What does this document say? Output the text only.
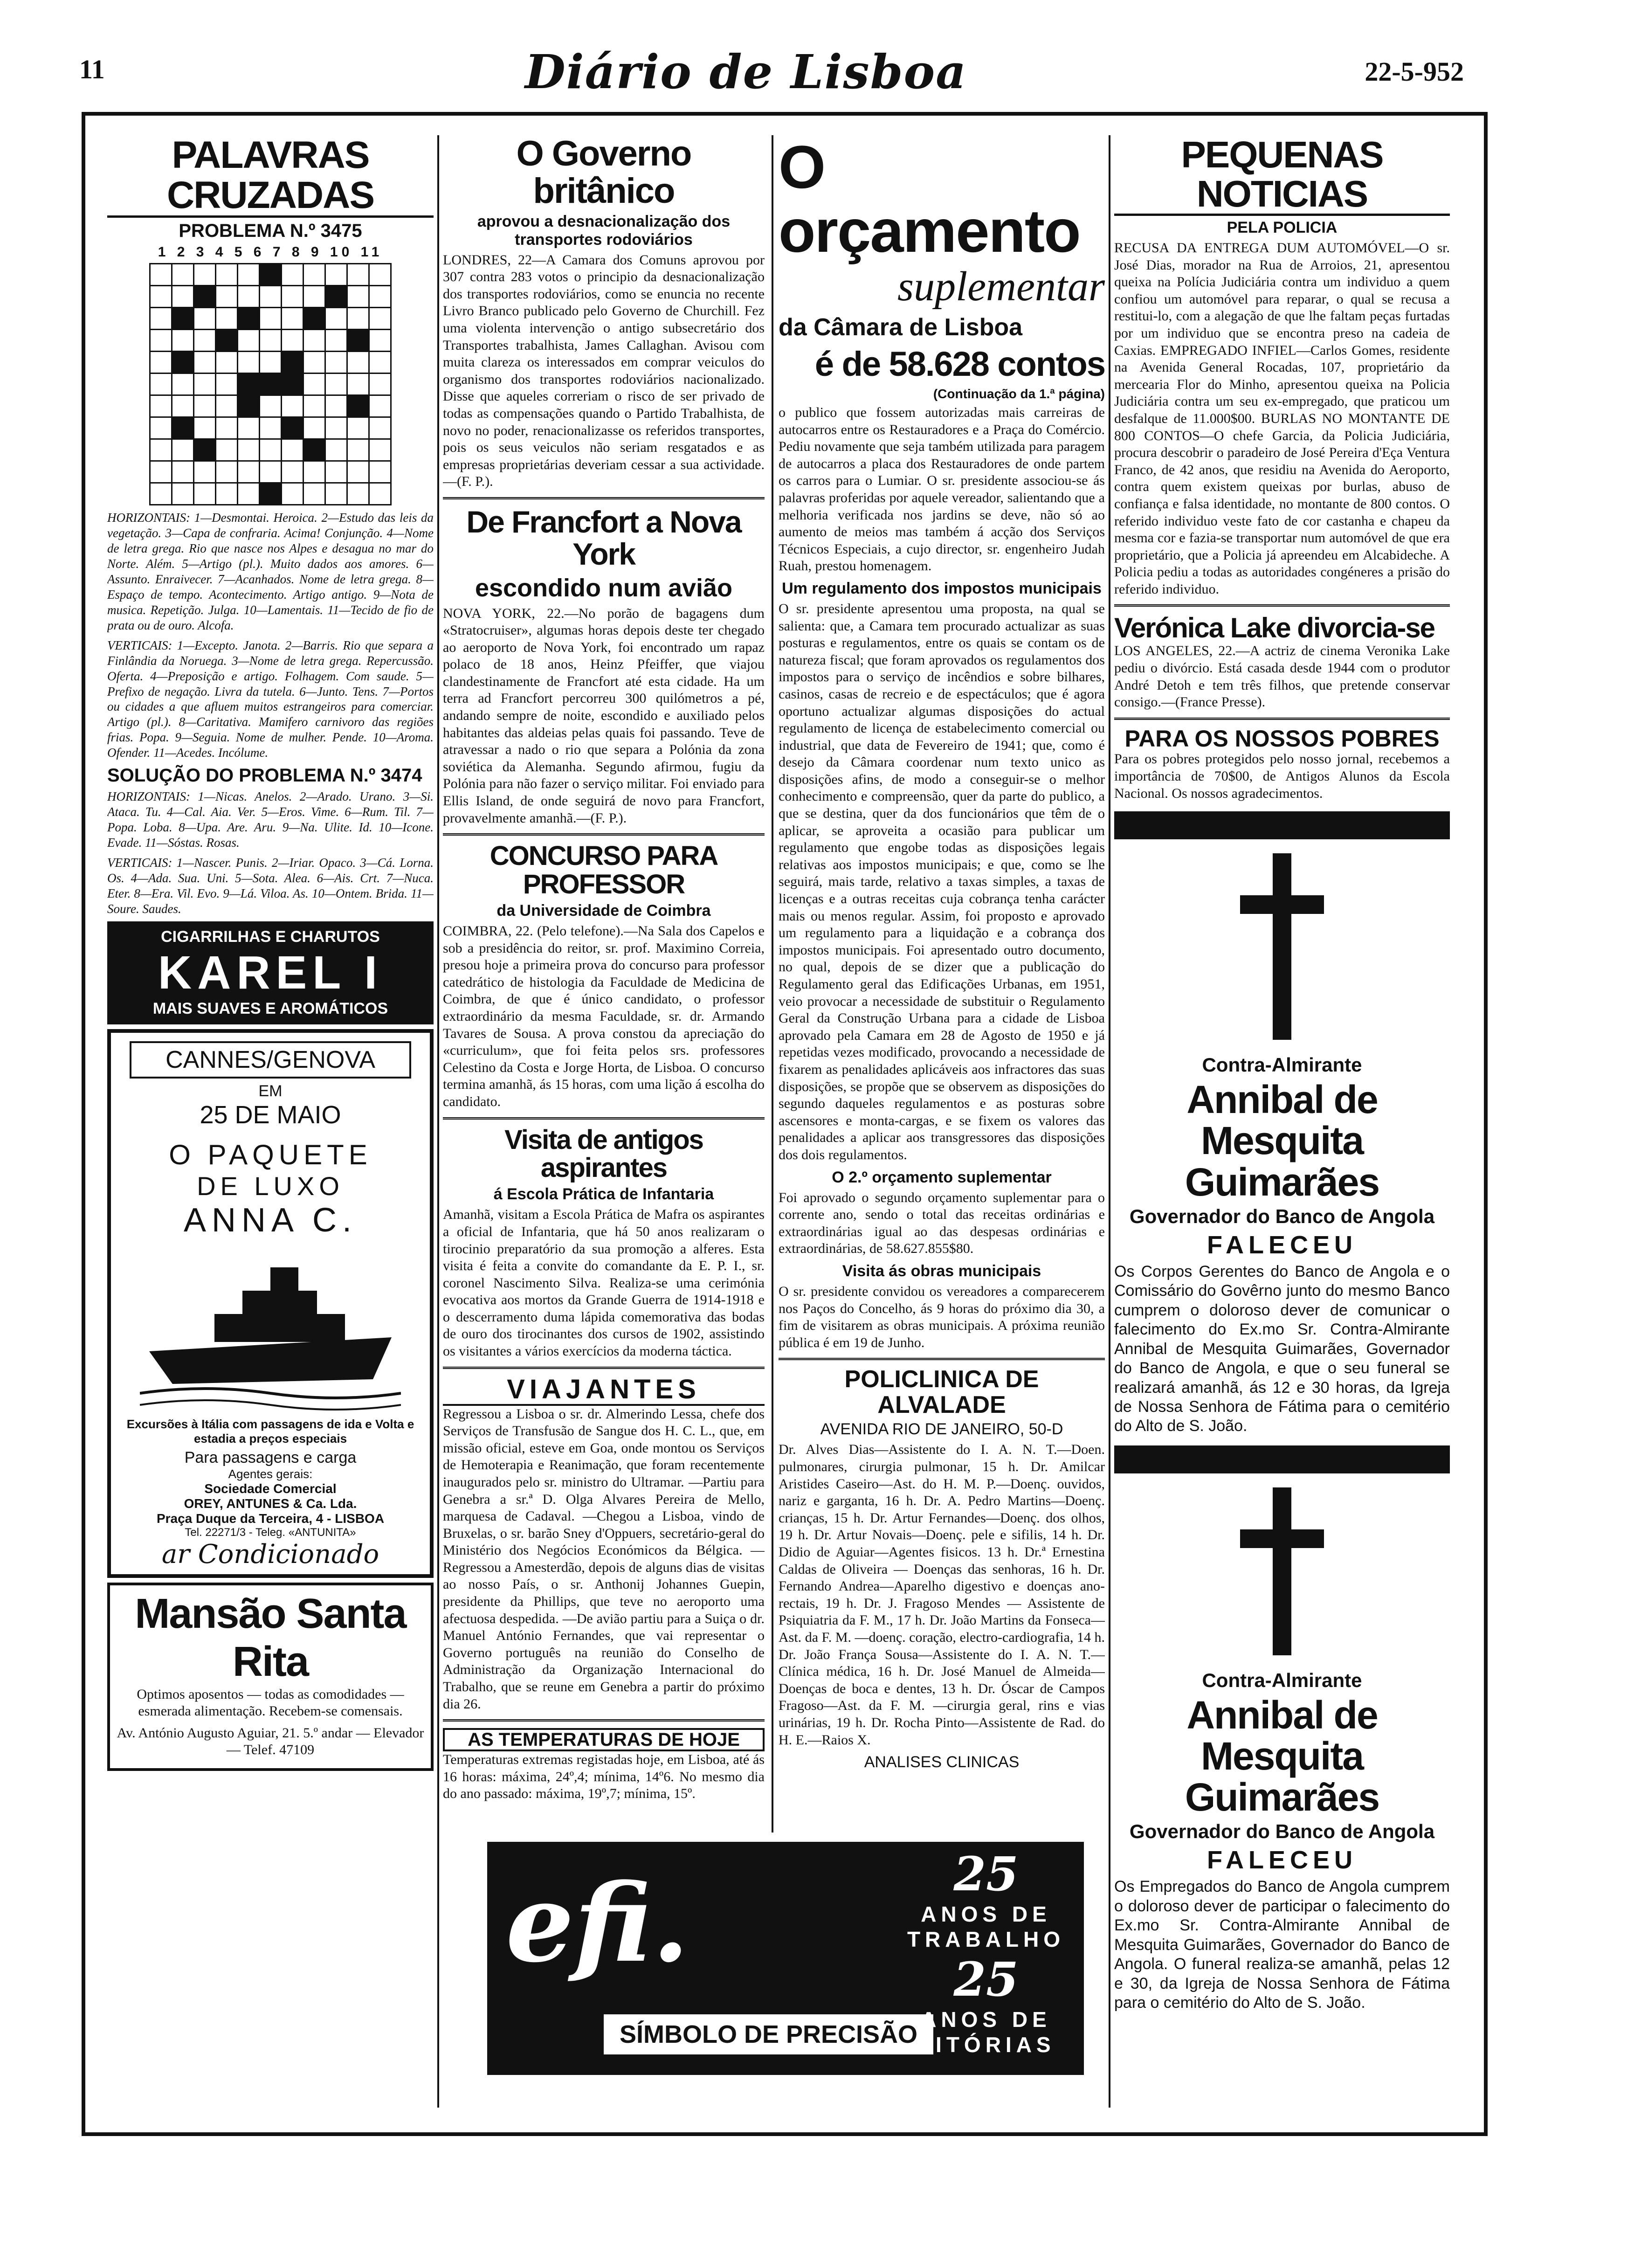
11	Diário de Lisboa	22-5-952
PALAVRAS CRUZADAS
PROBLEMA N.º 3475
1 2 3 4 5 6 7 8 9 10 11

HORIZONTAIS: 1—Desmontai. Heroica. 2—Estudo das leis da vegetação. 3—Capa de confraria. Acima! Conjunção. 4—Nome de letra grega. Rio que nasce nos Alpes e desagua no mar do Norte. Além. 5—Artigo (pl.). Muito dados aos amores. 6—Assunto. Enraivecer. 7—Acanhados. Nome de letra grega. 8—Espaço de tempo. Acontecimento. Artigo antigo. 9—Nota de musica. Repetição. Julga. 10—Lamentais. 11—Tecido de fio de prata ou de ouro. Alcofa.

VERTICAIS: 1—Excepto. Janota. 2—Barris. Rio que separa a Finlândia da Noruega. 3—Nome de letra grega. Repercussão. Oferta. 4—Preposição e artigo. Folhagem. Com saude. 5—Prefixo de negação. Livra da tutela. 6—Junto. Tens. 7—Portos ou cidades a que afluem muitos estrangeiros para comerciar. Artigo (pl.). 8—Caritativa. Mamifero carnivoro das regiões frias. Popa. 9—Seguia. Nome de mulher. Pende. 10—Aroma. Ofender. 11—Acedes. Incólume.

SOLUÇÃO DO PROBLEMA N.º 3474

HORIZONTAIS: 1—Nicas. Anelos. 2—Arado. Urano. 3—Si. Ataca. Tu. 4—Cal. Aia. Ver. 5—Eros. Vime. 6—Rum. Til. 7—Popa. Loba. 8—Upa. Are. Aru. 9—Na. Ulite. Id. 10—Icone. Evade. 11—Sóstas. Rosas.

VERTICAIS: 1—Nascer. Punis. 2—Iriar. Opaco. 3—Cá. Lorna. Os. 4—Ada. Sua. Uni. 5—Sota. Alea. 6—Ais. Crt. 7—Nuca. Eter. 8—Era. Vil. Evo. 9—Lá. Viloa. As. 10—Ontem. Brida. 11—Soure. Saudes.

CIGARRILHAS E CHARUTOS
KAREL I
MAIS SUAVES E AROMÁTICOS
CANNES/GENOVA
EM
25 DE MAIO
O PAQUETE
DE LUXO
ANNA C.
Excursões à Itália com passagens de ida e Volta e estadia a preços especiais
Para passagens e carga
Agentes gerais:
Sociedade Comercial
OREY, ANTUNES & Ca. Lda.
Praça Duque da Terceira, 4 - LISBOA
Tel. 22271/3 - Teleg. «ANTUNITA»
ar Condicionado
Mansão Santa Rita

Optimos aposentos — todas as comodidades — esmerada alimentação. Recebem-se comensais.

Av. António Augusto Aguiar, 21. 5.º andar — Elevador — Telef. 47109

O Governo britânico
aprovou a desnacionalização dos transportes rodoviários

LONDRES, 22—A Camara dos Comuns aprovou por 307 contra 283 votos o principio da desnacionalização dos transportes rodoviários, como se enuncia no recente Livro Branco publicado pelo Governo de Churchill. Fez uma violenta intervenção o antigo subsecretário dos Transportes trabalhista, James Callaghan. Avisou com muita clareza os interessados em comprar veiculos do organismo dos transportes rodoviários nacionalizado. Disse que aqueles correriam o risco de ser privado de todas as compensações quando o Partido Trabalhista, de novo no poder, renacionalizasse os referidos transportes, pois os seus veiculos não seriam resgatados e as empresas proprietárias deveriam cessar a sua actividade.—(F. P.).

De Francfort a Nova York
escondido num avião

NOVA YORK, 22.—No porão de bagagens dum «Stratocruiser», algumas horas depois deste ter chegado ao aeroporto de Nova York, foi encontrado um rapaz polaco de 18 anos, Heinz Pfeiffer, que viajou clandestinamente de Francfort até esta cidade. Ha um terra ad Francfort percorreu 300 quilómetros a pé, andando sempre de noite, escondido e auxiliado pelos habitantes das aldeias pelas quais foi passando. Teve de atravessar a nado o rio que separa a Polónia da zona soviética da Alemanha. Segundo afirmou, fugiu da Polónia para não fazer o serviço militar. Foi enviado para Ellis Island, de onde seguirá de novo para Francfort, provavelmente amanhã.—(F. P.).

CONCURSO PARA PROFESSOR
da Universidade de Coimbra

COIMBRA, 22. (Pelo telefone).—Na Sala dos Capelos e sob a presidência do reitor, sr. prof. Maximino Correia, presou hoje a primeira prova do concurso para professor catedrático de histologia da Faculdade de Medicina de Coimbra, de que é único candidato, o professor extraordinário da mesma Faculdade, sr. dr. Armando Tavares de Sousa. A prova constou da apreciação do «curriculum», que foi feita pelos srs. professores Celestino da Costa e Jorge Horta, de Lisboa. O concurso termina amanhã, ás 15 horas, com uma lição á escolha do candidato.

Visita de antigos aspirantes
á Escola Prática de Infantaria

Amanhã, visitam a Escola Prática de Mafra os aspirantes a oficial de Infantaria, que há 50 anos realizaram o tirocinio preparatório da sua promoção a alferes. Esta visita é feita a convite do comandante da E. P. I., sr. coronel Nascimento Silva. Realiza-se uma cerimónia evocativa aos mortos da Grande Guerra de 1914-1918 e o descerramento duma lápida comemorativa das bodas de ouro dos tirocinantes dos cursos de 1902, assistindo os visitantes a vários exercícios da moderna táctica.

VIAJANTES

Regressou a Lisboa o sr. dr. Almerindo Lessa, chefe dos Serviços de Transfusão de Sangue dos H. C. L., que, em missão oficial, esteve em Goa, onde montou os Serviços de Hemoterapia e Reanimação, que foram recentemente inaugurados pelo sr. ministro do Ultramar. —Partiu para Genebra a sr.ª D. Olga Alvares Pereira de Mello, marquesa de Cadaval. —Chegou a Lisboa, vindo de Bruxelas, o sr. barão Sney d'Oppuers, secretário-geral do Ministério dos Negócios Económicos da Bélgica. —Regressou a Amesterdão, depois de alguns dias de visitas ao nosso País, o sr. Anthonij Johannes Guepin, presidente da Phillips, que teve no aeroporto uma afectuosa despedida. —De avião partiu para a Suiça o dr. Manuel António Fernandes, que vai representar o Governo português na reunião do Conselho de Administração da Organização Internacional do Trabalho, que se reune em Genebra a partir do próximo dia 26.

AS TEMPERATURAS DE HOJE

Temperaturas extremas registadas hoje, em Lisboa, até ás 16 horas: máxima, 24º,4; mínima, 14º6. No mesmo dia do ano passado: máxima, 19º,7; mínima, 15º.

O orçamento
suplementar
da Câmara de Lisboa
é de 58.628 contos
(Continuação da 1.ª página)

o publico que fossem autorizadas mais carreiras de autocarros entre os Restauradores e a Praça do Comércio. Pediu novamente que seja também utilizada para paragem de autocarros a placa dos Restauradores de onde partem os carros para o Lumiar. O sr. presidente associou-se ás palavras proferidas por aquele vereador, salientando que a melhoria verificada nos jardins se deve, não só ao aumento de meios mas também á acção dos Serviços Técnicos Especiais, a cujo director, sr. engenheiro Judah Ruah, prestou homenagem.

Um regulamento dos impostos municipais

O sr. presidente apresentou uma proposta, na qual se salienta: que, a Camara tem procurado actualizar as suas posturas e regulamentos, entre os quais se contam os de natureza fiscal; que foram aprovados os regulamentos dos impostos para o serviço de incêndios e sobre bilhares, casinos, casas de recreio e de espectáculos; que é agora oportuno actualizar algumas disposições do actual regulamento de licença de estabelecimento comercial ou industrial, que data de Fevereiro de 1941; que, como é desejo da Câmara coordenar num texto unico as disposições afins, de modo a conseguir-se o melhor conhecimento e compreensão, quer da parte do publico, a que se destina, quer da dos funcionários que têm de o aplicar, se aproveita a ocasião para publicar um regulamento que engobe todas as disposições legais relativas aos impostos municipais; e que, como se lhe seguirá, mais tarde, relativo a taxas simples, a taxas de licenças e a outras receitas cuja cobrança tenha carácter mais ou menos regular. Assim, foi proposto e aprovado um regulamento para a liquidação e a cobrança dos impostos municipais. Foi apresentado outro documento, no qual, depois de se dizer que a publicação do Regulamento geral das Edificações Urbanas, em 1951, veio provocar a necessidade de substituir o Regulamento Geral da Construção Urbana para a cidade de Lisboa aprovado pela Camara em 28 de Agosto de 1950 e já repetidas vezes modificado, provocando a necessidade de fixarem as penalidades aplicáveis aos infractores das suas disposições, se propõe que se observem as disposições do segundo daqueles regulamentos e as posturas sobre ascensores e monta-cargas, e se fixem os valores das penalidades a aplicar aos transgressores das disposições dos dois regulamentos.

O 2.º orçamento suplementar

Foi aprovado o segundo orçamento suplementar para o corrente ano, sendo o total das receitas ordinárias e extraordinárias igual ao das despesas ordinárias e extraordinárias, de 58.627.855$80.

Visita ás obras municipais

O sr. presidente convidou os vereadores a comparecerem nos Paços do Concelho, ás 9 horas do próximo dia 30, a fim de visitarem as obras municipais. A próxima reunião pública é em 19 de Junho.

POLICLINICA DE ALVALADE
AVENIDA RIO DE JANEIRO, 50-D

Dr. Alves Dias—Assistente do I. A. N. T.—Doen. pulmonares, cirurgia pulmonar, 15 h. Dr. Amilcar Aristides Caseiro—Ast. do H. M. P.—Doenç. ouvidos, nariz e garganta, 16 h. Dr. A. Pedro Martins—Doenç. crianças, 15 h. Dr. Artur Fernandes—Doenç. dos olhos, 19 h. Dr. Artur Novais—Doenç. pele e sifilis, 14 h. Dr. Didio de Aguiar—Agentes fisicos. 13 h. Dr.ª Ernestina Caldas de Oliveira — Doenças das senhoras, 16 h. Dr. Fernando Andrea—Aparelho digestivo e doenças ano-rectais, 19 h. Dr. J. Fragoso Mendes — Assistente de Psiquiatria da F. M., 17 h. Dr. João Martins da Fonseca—Ast. da F. M. —doenç. coração, electro-cardiografia, 14 h. Dr. João França Sousa—Assistente do I. A. N. T.—Clínica médica, 16 h. Dr. José Manuel de Almeida—Doenças de boca e dentes, 13 h. Dr. Óscar de Campos Fragoso—Ast. da F. M. —cirurgia geral, rins e vias urinárias, 19 h. Dr. Rocha Pinto—Assistente de Rad. do H. E.—Raios X.

ANALISES CLINICAS
PEQUENAS NOTICIAS
PELA POLICIA

RECUSA DA ENTREGA DUM AUTOMÓVEL—O sr. José Dias, morador na Rua de Arroios, 21, apresentou queixa na Polícia Judiciária contra um individuo a quem confiou um automóvel para reparar, o qual se recusa a restitui-lo, com a alegação de que lhe faltam peças furtadas por um individuo que se encontra preso na cadeia de Caxias. EMPREGADO INFIEL—Carlos Gomes, residente na Avenida General Rocadas, 107, proprietário da mercearia Flor do Minho, apresentou queixa na Policia Judiciária contra um seu ex-empregado, que praticou um desfalque de 11.000$00. BURLAS NO MONTANTE DE 800 CONTOS—O chefe Garcia, da Policia Judiciária, procura descobrir o paradeiro de José Pereira d'Eça Ventura Franco, de 42 anos, que residiu na Avenida do Aeroporto, contra quem existem queixas por burlas, abuso de confiança e falsa identidade, no montante de 800 contos. O referido individuo veste fato de cor castanha e chapeu da mesma cor e fazia-se transportar num automóvel de que era proprietário, que a Policia já apreendeu em Alcabideche. A Policia pediu a todas as autoridades congéneres a prisão do referido individuo.

Verónica Lake divorcia-se

LOS ANGELES, 22.—A actriz de cinema Veronika Lake pediu o divórcio. Está casada desde 1944 com o produtor André Detoh e tem três filhos, que pretende conservar consigo.—(France Presse).

PARA OS NOSSOS POBRES

Para os pobres protegidos pelo nosso jornal, recebemos a importância de 70$00, de Antigos Alunos da Escola Nacional. Os nossos agradecimentos.

Contra-Almirante
Annibal de Mesquita
Guimarães
Governador do Banco de Angola
FALECEU

Os Corpos Gerentes do Banco de Angola e o Comissário do Govêrno junto do mesmo Banco cumprem o doloroso dever de comunicar o falecimento do Ex.mo Sr. Contra-Almirante Annibal de Mesquita Guimarães, Governador do Banco de Angola, e que o seu funeral se realizará amanhã, ás 12 e 30 horas, da Igreja de Nossa Senhora de Fátima para o cemitério do Alto de S. João.

Contra-Almirante
Annibal de Mesquita
Guimarães
Governador do Banco de Angola
FALECEU

Os Empregados do Banco de Angola cumprem o doloroso dever de participar o falecimento do Ex.mo Sr. Contra-Almirante Annibal de Mesquita Guimarães, Governador do Banco de Angola. O funeral realiza-se amanhã, pelas 12 e 30, da Igreja de Nossa Senhora de Fátima para o cemitério do Alto de S. João.

efi.
SÍMBOLO DE PRECISÃO
25
ANOS DE
TRABALHO
25
ANOS DE
VITÓRIAS
